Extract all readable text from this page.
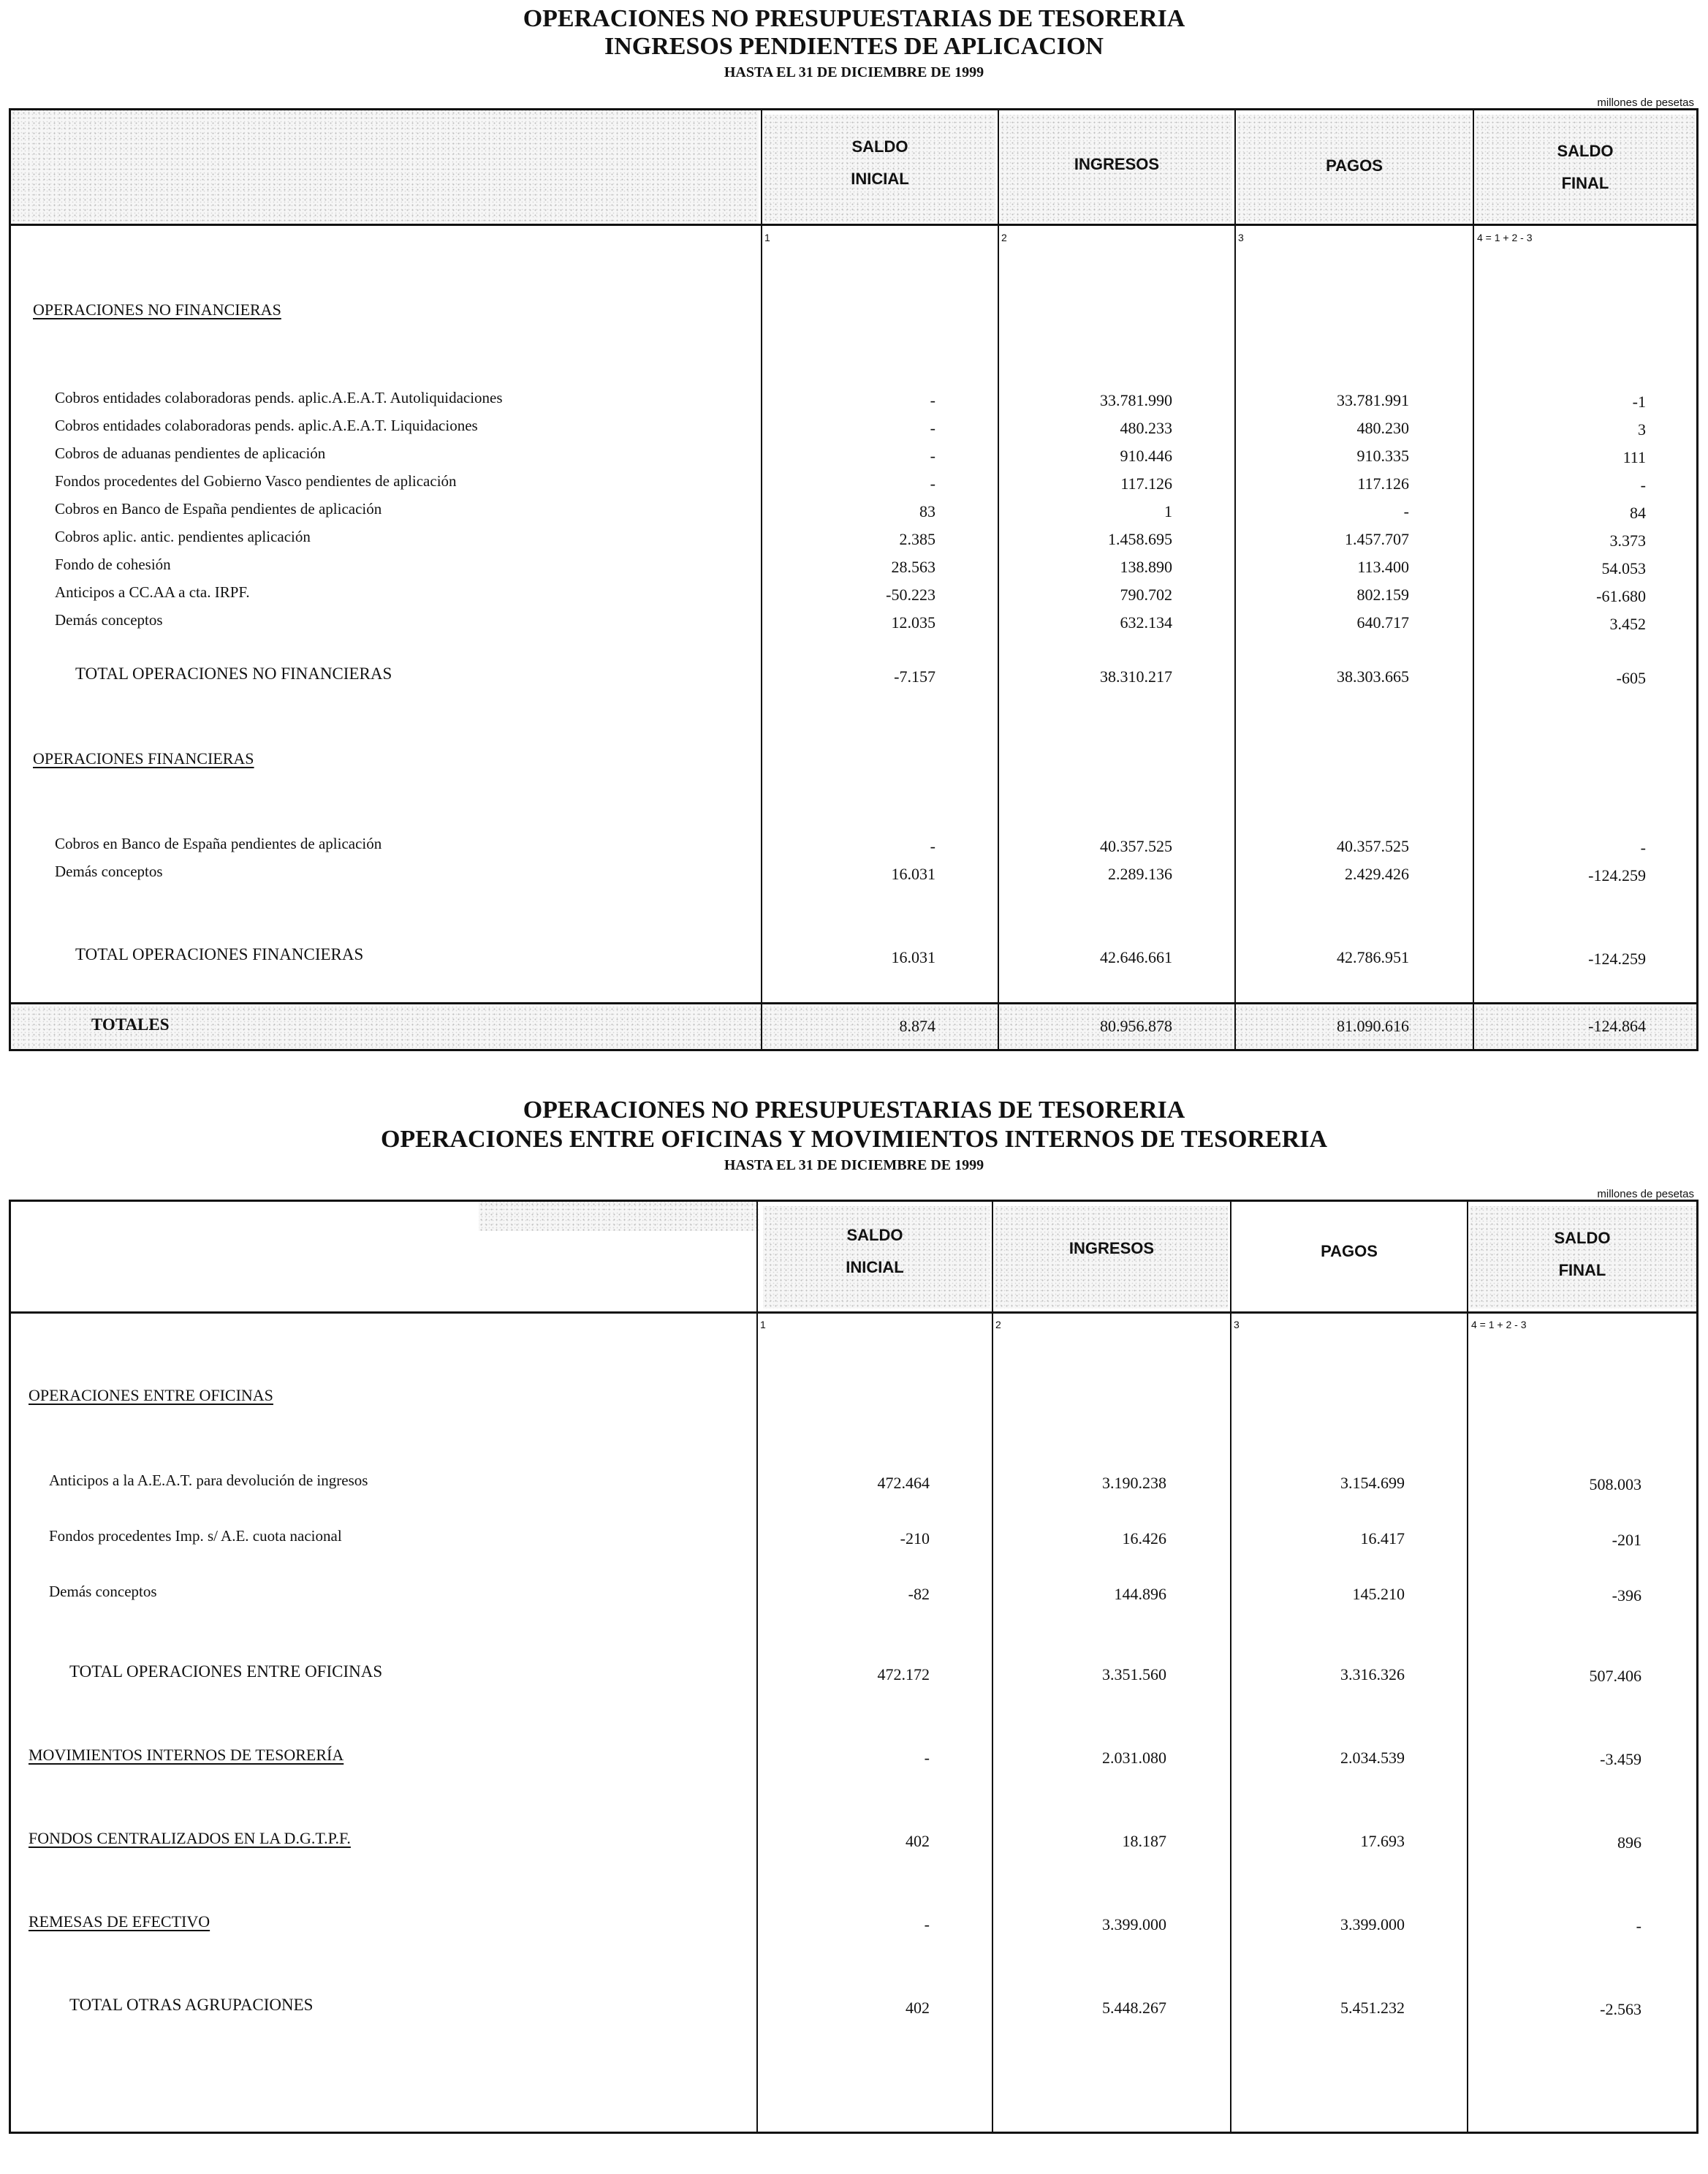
OPERACIONES NO PRESUPUESTARIAS DE TESORERIA
INGRESOS PENDIENTES DE APLICACION
HASTA EL 31 DE DICIEMBRE DE 1999
millones de pesetas
SALDO
INICIAL
INGRESOS	PAGOS
SALDO
FINAL
1	2	3	4 = 1 + 2 - 3
OPERACIONES NO FINANCIERAS
Cobros entidades colaboradoras pends. aplic.A.E.A.T. Autoliquidaciones	-	33.781.990	33.781.991	-1
Cobros entidades colaboradoras pends. aplic.A.E.A.T. Liquidaciones	-	480.233	480.230	3
Cobros de aduanas pendientes de aplicación	-	910.446	910.335	111
Fondos procedentes del Gobierno Vasco pendientes de aplicación	-	117.126	117.126	-
Cobros en Banco de España pendientes de aplicación	83	1	-	84
Cobros aplic. antic. pendientes aplicación	2.385	1.458.695	1.457.707	3.373
Fondo de cohesión	28.563	138.890	113.400	54.053
Anticipos a CC.AA a cta. IRPF.	-50.223	790.702	802.159	-61.680
Demás conceptos	12.035	632.134	640.717	3.452
TOTAL OPERACIONES NO FINANCIERAS	-7.157	38.310.217	38.303.665	-605
OPERACIONES FINANCIERAS
Cobros en Banco de España pendientes de aplicación	-	40.357.525	40.357.525	-
Demás conceptos	16.031	2.289.136	2.429.426	-124.259
TOTAL OPERACIONES FINANCIERAS	16.031	42.646.661	42.786.951	-124.259
TOTALES	8.874	80.956.878	81.090.616	-124.864
OPERACIONES NO PRESUPUESTARIAS DE TESORERIA
OPERACIONES ENTRE OFICINAS Y MOVIMIENTOS INTERNOS DE TESORERIA
HASTA EL 31 DE DICIEMBRE DE 1999
millones de pesetas
SALDO
INICIAL
INGRESOS	PAGOS
SALDO
FINAL
1	2	3	4 = 1 + 2 - 3
OPERACIONES ENTRE OFICINAS
Anticipos a la A.E.A.T. para devolución de ingresos	472.464	3.190.238	3.154.699	508.003
Fondos procedentes Imp. s/ A.E. cuota nacional	-210	16.426	16.417	-201
Demás conceptos	-82	144.896	145.210	-396
TOTAL OPERACIONES ENTRE OFICINAS	472.172	3.351.560	3.316.326	507.406
MOVIMIENTOS INTERNOS DE TESORERÍA	-	2.031.080	2.034.539	-3.459
FONDOS CENTRALIZADOS EN LA D.G.T.P.F.	402	18.187	17.693	896
REMESAS DE EFECTIVO	-	3.399.000	3.399.000	-
TOTAL OTRAS AGRUPACIONES	402	5.448.267	5.451.232	-2.563
